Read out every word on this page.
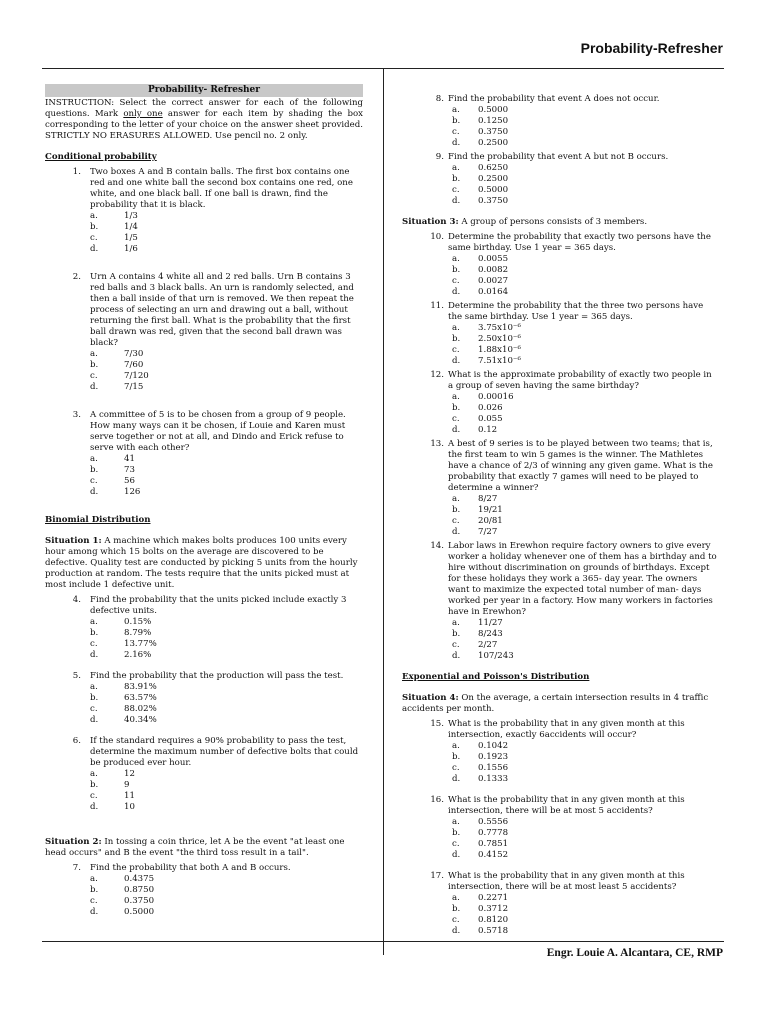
Probability-Refresher
Engr. Louie A. Alcantara, CE, RMP
Probability- Refresher
INSTRUCTION: Select the correct answer for each of the following questions. Mark only one answer for each item by shading the box corresponding to the letter of your choice on the answer sheet provided. STRICTLY NO ERASURES ALLOWED. Use pencil no. 2 only.
Conditional probability
1.	Two boxes A and B contain balls. The first box contains one red and one white ball the second box contains one red, one white, and one black ball. If one ball is drawn, find the probability that it is black.
a.	1/3
b.	1/4
c.	1/5
d.	1/6
2.	Urn A contains 4 white all and 2 red balls. Urn B contains 3 red balls and 3 black balls. An urn is randomly selected, and then a ball inside of that urn is removed. We then repeat the process of selecting an urn and drawing out a ball, without returning the first ball. What is the probability that the first ball drawn was red, given that the second ball drawn was black?
a.	7/30
b.	7/60
c.	7/120
d.	7/15
3.	A committee of 5 is to be chosen from a group of 9 people. How many ways can it be chosen, if Louie and Karen must serve together or not at all, and Dindo and Erick refuse to serve with each other?
a.	41
b.	73
c.	56
d.	126
Binomial Distribution
Situation 1: A machine which makes bolts produces 100 units every hour among which 15 bolts on the average are discovered to be defective. Quality test are conducted by picking 5 units from the hourly production at random. The tests require that the units picked must at most include 1 defective unit.
4.	Find the probability that the units picked include exactly 3 defective units.
a.	0.15%
b.	8.79%
c.	13.77%
d.	2.16%
5.	Find the probability that the production will pass the test.
a.	83.91%
b.	63.57%
c.	88.02%
d.	40.34%
6.	If the standard requires a 90% probability to pass the test, determine the maximum number of defective bolts that could be produced ever hour.
a.	12
b.	9
c.	11
d.	10
Situation 2: In tossing a coin thrice, let A be the event "at least one head occurs" and B the event "the third toss result in a tail".
7.	Find the probability that both A and B occurs.
a.	0.4375
b.	0.8750
c.	0.3750
d.	0.5000
8. Find the probability that event A does not occur.
a.	0.5000
b.	0.1250
c.	0.3750
d.	0.2500
9. Find the probability that event A but not B occurs.
a.	0.6250
b.	0.2500
c.	0.5000
d.	0.3750
Situation 3: A group of persons consists of 3 members.
10. Determine the probability that exactly two persons have the same birthday. Use 1 year = 365 days.
a.	0.0055
b.	0.0082
c.	0.0027
d.	0.0164
11. Determine the probability that the three two persons have the same birthday. Use 1 year = 365 days.
a.	3.75x10⁻⁶
b.	2.50x10⁻⁶
c.	1.88x10⁻⁶
d.	7.51x10⁻⁶
12. What is the approximate probability of exactly two people in a group of seven having the same birthday?
a.	0.00016
b.	0.026
c.	0.055
d.	0.12
13. A best of 9 series is to be played between two teams; that is, the first team to win 5 games is the winner. The Mathletes have a chance of 2/3 of winning any given game. What is the probability that exactly 7 games will need to be played to determine a winner?
a.	8/27
b.	19/21
c.	20/81
d.	7/27
14. Labor laws in Erewhon require factory owners to give every worker a holiday whenever one of them has a birthday and to hire without discrimination on grounds of birthdays. Except for these holidays they work a 365- day year. The owners want to maximize the expected total number of man- days worked per year in a factory. How many workers in factories have in Erewhon?
a.	11/27
b.	8/243
c.	2/27
d.	107/243
Exponential and Poisson's Distribution
Situation 4: On the average, a certain intersection results in 4 traffic accidents per month.
15. What is the probability that in any given month at this intersection, exactly 6accidents will occur?
a.	0.1042
b.	0.1923
c.	0.1556
d.	0.1333
16. What is the probability that in any given month at this intersection, there will be at most 5 accidents?
a.	0.5556
b.	0.7778
c.	0.7851
d.	0.4152
17. What is the probability that in any given month at this intersection, there will be at most least 5 accidents?
a.	0.2271
b.	0.3712
c.	0.8120
d.	0.5718
